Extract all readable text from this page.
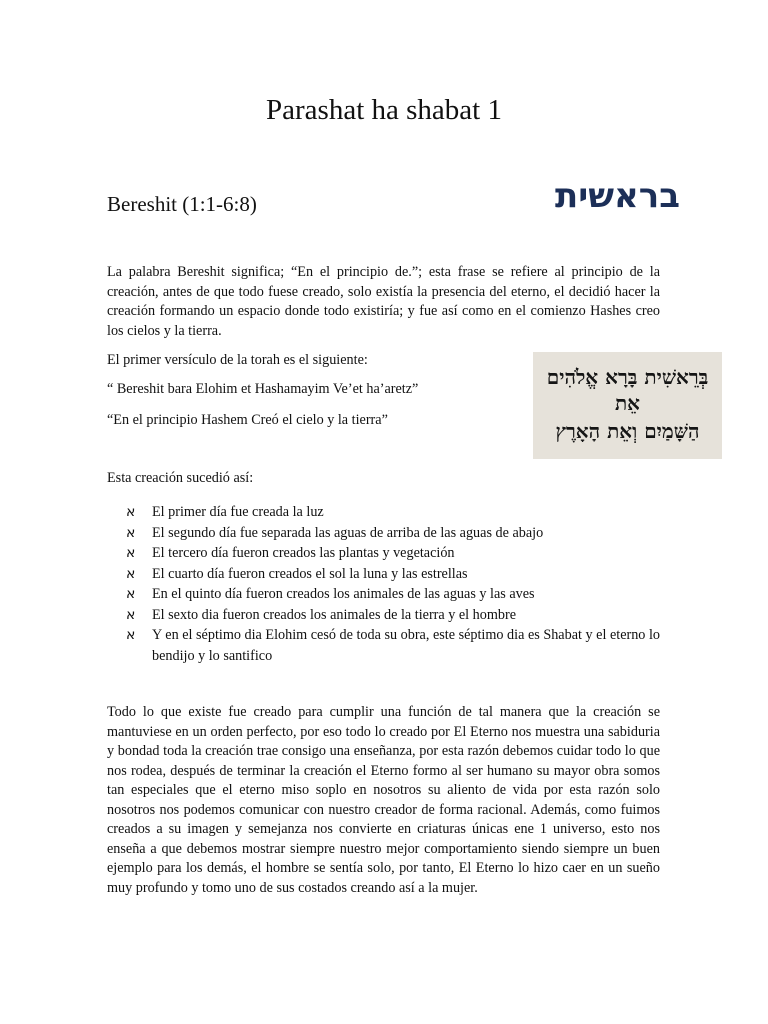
Parashat ha shabat 1
Bereshit (1:1-6:8)	בראשית

La palabra Bereshit significa; “En el principio de.”; esta frase se refiere al principio de la creación, antes de que todo fuese creado, solo existía la presencia del eterno, el decidió hacer la creación formando un espacio donde todo existiría; y fue así como en el comienzo Hashes creo los cielos y la tierra.

El primer versículo de la torah es el siguiente:
“ Bereshit bara Elohim et Hashamayim Ve’et ha’aretz”
“En el principio Hashem Creó el cielo y la tierra”
בְּרֵאשִׁית בָּרָא אֱלֹהִים אֵת
הַשָּׁמַיִם וְאֵת הָאָרֶץ
Esta creación sucedió así:
א El primer día fue creada la luz
א El segundo día fue separada las aguas de arriba de las aguas de abajo
א El tercero día fueron creados las plantas y vegetación
א El cuarto día fueron creados el sol la luna y las estrellas
א En el quinto día fueron creados los animales de las aguas y las aves
א El sexto dia fueron creados los animales de la tierra y el hombre
א Y en el séptimo dia Elohim cesó de toda su obra, este séptimo dia es Shabat y el eterno lo bendijo y lo santifico

Todo lo que existe fue creado para cumplir una función de tal manera que la creación se mantuviese en un orden perfecto, por eso todo lo creado por El Eterno nos muestra una sabiduria y bondad toda la creación trae consigo una enseñanza, por esta razón debemos cuidar todo lo que nos rodea, después de terminar la creación el Eterno formo al ser humano su mayor obra somos tan especiales que el eterno miso soplo en nosotros su aliento de vida por esta razón solo nosotros nos podemos comunicar con nuestro creador de forma racional. Además, como fuimos creados a su imagen y semejanza nos convierte en criaturas únicas ene 1 universo, esto nos enseña a que debemos mostrar siempre nuestro mejor comportamiento siendo siempre un buen ejemplo para los demás, el hombre se sentía solo, por tanto, El Eterno lo hizo caer en un sueño muy profundo y tomo uno de sus costados creando así a la mujer.
